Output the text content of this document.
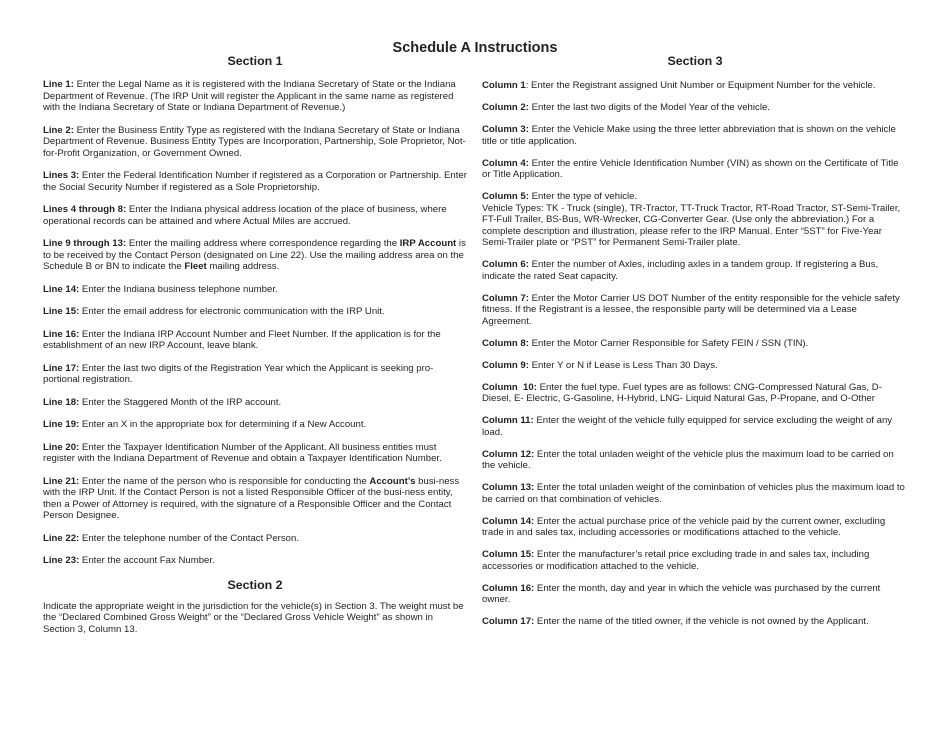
Schedule A Instructions
Section 1

Line 1: Enter the Legal Name as it is registered with the Indiana Secretary of State or the Indiana Department of Revenue. (The IRP Unit will register the Applicant in the same name as registered with the Indiana Secretary of State or Indiana Department of Revenue.)

Line 2: Enter the Business Entity Type as registered with the Indiana Secretary of State or Indiana Department of Revenue. Business Entity Types are Incorporation, Partnership, Sole Proprietor, Not-for-Profit Organization, or Government Owned.

Lines 3: Enter the Federal Identification Number if registered as a Corporation or Partnership. Enter the Social Security Number if registered as a Sole Proprietorship.

Lines 4 through 8: Enter the Indiana physical address location of the place of business, where operational records can be attained and where Actual Miles are accrued.

Line 9 through 13: Enter the mailing address where correspondence regarding the IRP Account is to be received by the Contact Person (designated on Line 22). Use the mailing address area on the Schedule B or BN to indicate the Fleet mailing address.

Line 14: Enter the Indiana business telephone number.

Line 15: Enter the email address for electronic communication with the IRP Unit.

Line 16: Enter the Indiana IRP Account Number and Fleet Number. If the application is for the establishment of an new IRP Account, leave blank.

Line 17: Enter the last two digits of the Registration Year which the Applicant is seeking pro-portional registration.

Line 18: Enter the Staggered Month of the IRP account.

Line 19: Enter an X in the appropriate box for determining if a New Account.

Line 20: Enter the Taxpayer Identification Number of the Applicant. All business entities must register with the Indiana Department of Revenue and obtain a Taxpayer Identification Number.

Line 21: Enter the name of the person who is responsible for conducting the Account’s busi-ness with the IRP Unit. If the Contact Person is not a listed Responsible Officer of the busi-ness entity, then a Power of Attorney is required, with the signature of a Responsible Officer and the Contact Person Designee.

Line 22: Enter the telephone number of the Contact Person.

Line 23: Enter the account Fax Number.

Section 2

Indicate the appropriate weight in the jurisdiction for the vehicle(s) in Section 3. The weight must be the “Declared Combined Gross Weight” or the “Declared Gross Vehicle Weight” as shown in Section 3, Column 13.

Section 3

Column 1: Enter the Registrant assigned Unit Number or Equipment Number for the vehicle.

Column 2: Enter the last two digits of the Model Year of the vehicle.

Column 3: Enter the Vehicle Make using the three letter abbreviation that is shown on the vehicle title or title application.

Column 4: Enter the entire Vehicle Identification Number (VIN) as shown on the Certificate of Title or Title Application.

Column 5: Enter the type of vehicle.
Vehicle Types: TK - Truck (single), TR-Tractor, TT-Truck Tractor, RT-Road Tractor, ST-Semi-Trailer, FT-Full Trailer, BS-Bus, WR-Wrecker, CG-Converter Gear. (Use only the abbreviation.) For a complete description and illustration, please refer to the IRP Manual. Enter “5ST” for Five-Year Semi-Trailer plate or “PST” for Permanent Semi-Trailer plate.

Column 6: Enter the number of Axles, including axles in a tandem group. If registering a Bus, indicate the rated Seat capacity.

Column 7: Enter the Motor Carrier US DOT Number of the entity responsible for the vehicle safety fitness. If the Registrant is a lessee, the responsible party will be determined via a Lease Agreement.

Column 8: Enter the Motor Carrier Responsible for Safety FEIN / SSN (TIN).

Column 9: Enter Y or N if Lease is Less Than 30 Days.

Column  10: Enter the fuel type. Fuel types are as follows: CNG-Compressed Natural Gas, D- Diesel, E- Electric, G-Gasoline, H-Hybrid, LNG- Liquid Natural Gas, P-Propane, and O-Other

Column 11: Enter the weight of the vehicle fully equipped for service excluding the weight of any load.

Column 12: Enter the total unladen weight of the vehicle plus the maximum load to be carried on the vehicle.

Column 13: Enter the total unladen weight of the cominbation of vehicles plus the maximum load to be carried on that combination of vehicles.

Column 14: Enter the actual purchase price of the vehicle paid by the current owner, excluding trade in and sales tax, including accessories or modifications attached to the vehicle.

Column 15: Enter the manufacturer’s retail price excluding trade in and sales tax, including accessories or modification attached to the vehicle.

Column 16: Enter the month, day and year in which the vehicle was purchased by the current owner.

Column 17: Enter the name of the titled owner, if the vehicle is not owned by the Applicant.
